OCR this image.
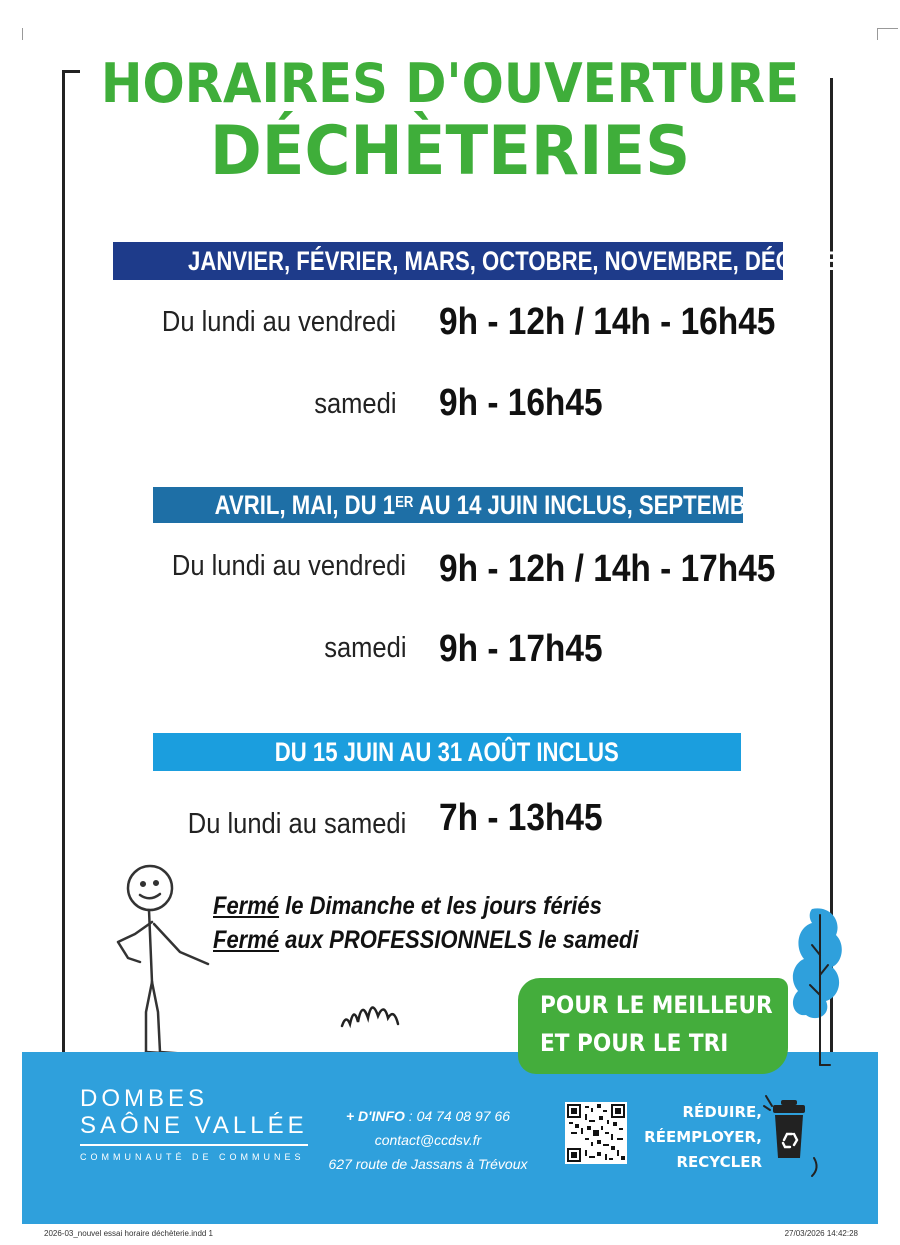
HORAIRES D'OUVERTURE
DÉCHÈTERIES
JANVIER, FÉVRIER, MARS, OCTOBRE, NOVEMBRE, DÉCEMBRE
Du lundi au vendredi 9h - 12h / 14h - 16h45
samedi 9h - 16h45
AVRIL, MAI, DU 1ER AU 14 JUIN INCLUS, SEPTEMBRE
Du lundi au vendredi 9h - 12h / 14h - 17h45
samedi 9h - 17h45
DU 15 JUIN AU 31 AOÛT INCLUS
Du lundi au samedi 7h - 13h45
Fermé le Dimanche et les jours fériés
Fermé aux PROFESSIONNELS le samedi
POUR LE MEILLEUR
ET POUR LE TRI
DOMBES
SAÔNE VALLÉE
COMMUNAUTÉ DE COMMUNES
+ D'INFO : 04 74 08 97 66
contact@ccdsv.fr
627 route de Jassans à Trévoux
RÉDUIRE,
RÉEMPLOYER,
RECYCLER
2026-03_nouvel essai horaire déchèterie.indd 1	27/03/2026 14:42:28
